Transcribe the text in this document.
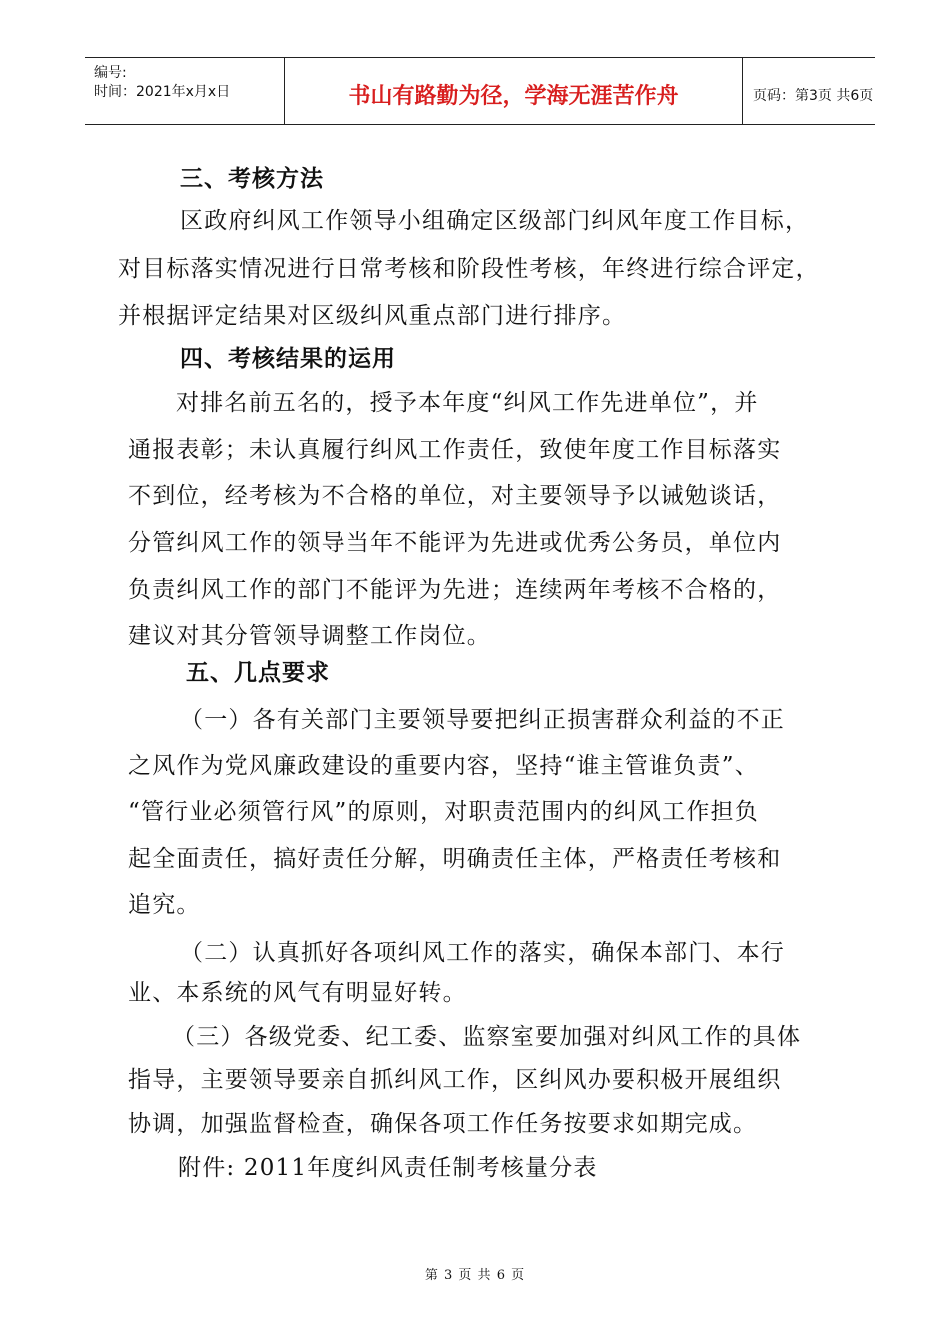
编号:
时间：2021年x月x日	书山有路勤为径，学海无涯苦作舟	页码：第3页 共6页
三、考核方法
区政府纠风工作领导小组确定区级部门纠风年度工作目标，
对目标落实情况进行日常考核和阶段性考核，年终进行综合评定，
并根据评定结果对区级纠风重点部门进行排序。
四、考核结果的运用
对排名前五名的，授予本年度“纠风工作先进单位”，并
通报表彰；未认真履行纠风工作责任，致使年度工作目标落实
不到位，经考核为不合格的单位，对主要领导予以诫勉谈话，
分管纠风工作的领导当年不能评为先进或优秀公务员，单位内
负责纠风工作的部门不能评为先进；连续两年考核不合格的，
建议对其分管领导调整工作岗位。
五、几点要求
（一）各有关部门主要领导要把纠正损害群众利益的不正
之风作为党风廉政建设的重要内容，坚持“谁主管谁负责”、
“管行业必须管行风”的原则，对职责范围内的纠风工作担负
起全面责任，搞好责任分解，明确责任主体，严格责任考核和
追究。
（二）认真抓好各项纠风工作的落实，确保本部门、本行
业、本系统的风气有明显好转。
（三）各级党委、纪工委、监察室要加强对纠风工作的具体
指导，主要领导要亲自抓纠风工作，区纠风办要积极开展组织
协调，加强监督检查，确保各项工作任务按要求如期完成。
附件: 2011年度纠风责任制考核量分表
第 3 页 共 6 页
